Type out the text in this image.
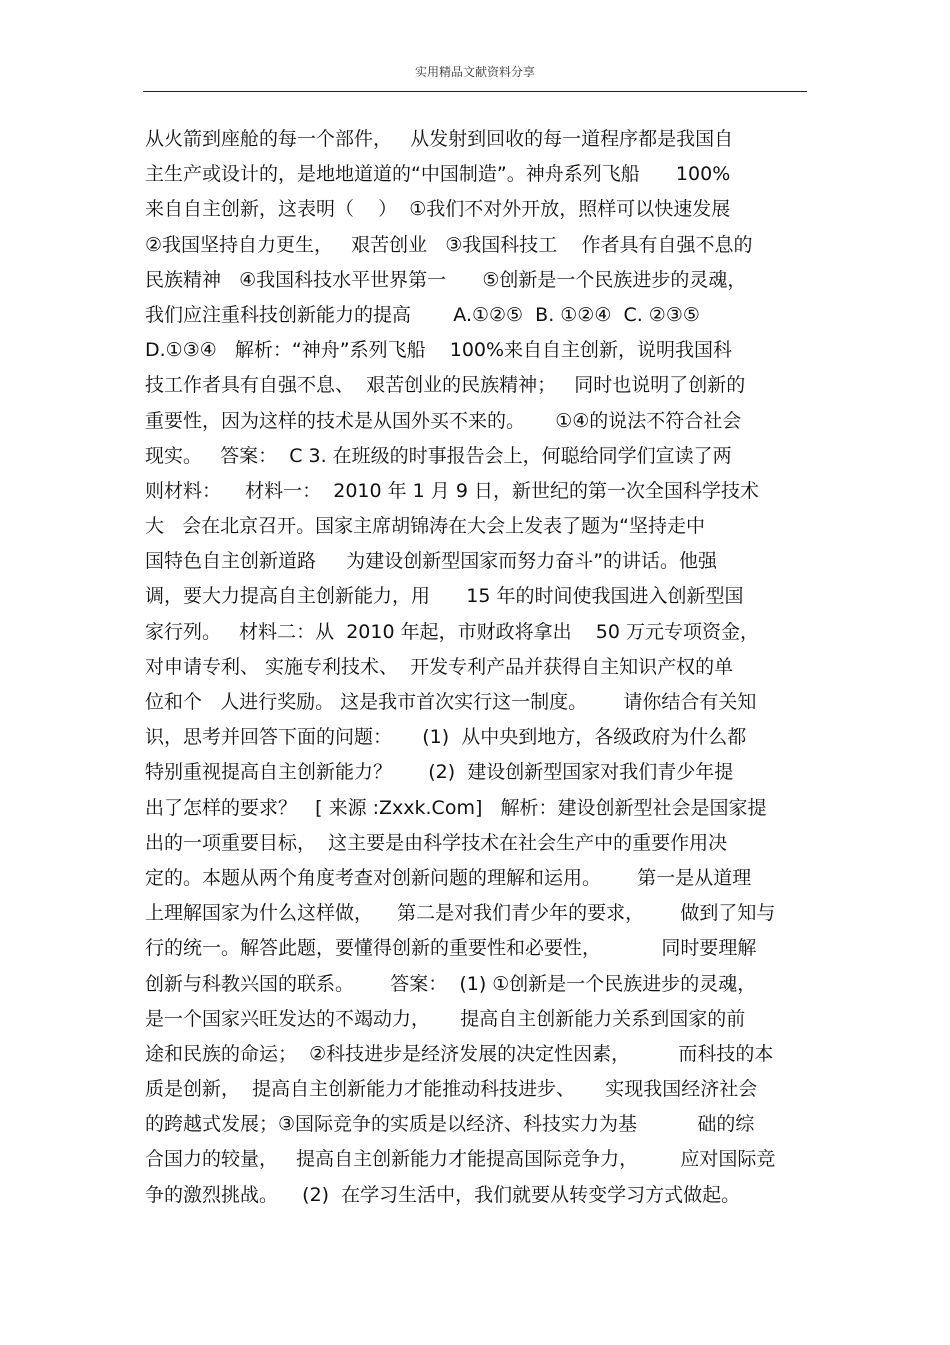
实用精品文献资料分享
从火箭到座舱的每一个部件，   从发射到回收的每一道程序都是我国自
主生产或设计的，是地地道道的“中国制造”。神舟系列飞船      100%
来自自主创新，这表明（    ）  ①我们不对外开放，照样可以快速发展
②我国坚持自力更生，   艰苦创业   ③我国科技工    作者具有自强不息的
民族精神   ④我国科技水平世界第一      ⑤创新是一个民族进步的灵魂，
我们应注重科技创新能力的提高       A.①②⑤  B. ①②④  C. ②③⑤
D.①③④   解析：“神舟”系列飞船    100%来自自主创新，说明我国科
技工作者具有自强不息、  艰苦创业的民族精神；   同时也说明了创新的
重要性，因为这样的技术是从国外买不来的。     ①④的说法不符合社会
现实。   答案：  C 3. 在班级的时事报告会上，何聪给同学们宣读了两
则材料：    材料一：  2010 年 1 月 9 日，新世纪的第一次全国科学技术
大   会在北京召开。国家主席胡锦涛在大会上发表了题为“坚持走中
国特色自主创新道路     为建设创新型国家而努力奋斗”的讲话。他强
调，要大力提高自主创新能力，用      15 年的时间使我国进入创新型国
家行列。   材料二：从  2010 年起，市财政将拿出    50 万元专项资金，
对申请专利、 实施专利技术、  开发专利产品并获得自主知识产权的单
位和个   人进行奖励。 这是我市首次实行这一制度。      请你结合有关知
识，思考并回答下面的问题：     (1)  从中央到地方，各级政府为什么都
特别重视提高自主创新能力？      (2)  建设创新型国家对我们青少年提
出了怎样的要求？   [ 来源 :Zxxk.Com]   解析：建设创新型社会是国家提
出的一项重要目标，  这主要是由科学技术在社会生产中的重要作用决
定的。本题从两个角度考查对创新问题的理解和运用。      第一是从道理
上理解国家为什么这样做，    第二是对我们青少年的要求，      做到了知与
行的统一。解答此题，要懂得创新的重要性和必要性，          同时要理解
创新与科教兴国的联系。      答案：  (1) ①创新是一个民族进步的灵魂，
是一个国家兴旺发达的不竭动力，     提高自主创新能力关系到国家的前
途和民族的命运；  ②科技进步是经济发展的决定性因素，        而科技的本
质是创新，  提高自主创新能力才能推动科技进步、     实现我国经济社会
的跨越式发展；③国际竞争的实质是以经济、科技实力为基          础的综
合国力的较量，   提高自主创新能力才能提高国际竞争力，       应对国际竞
争的激烈挑战。    (2)  在学习生活中，我们就要从转变学习方式做起。
